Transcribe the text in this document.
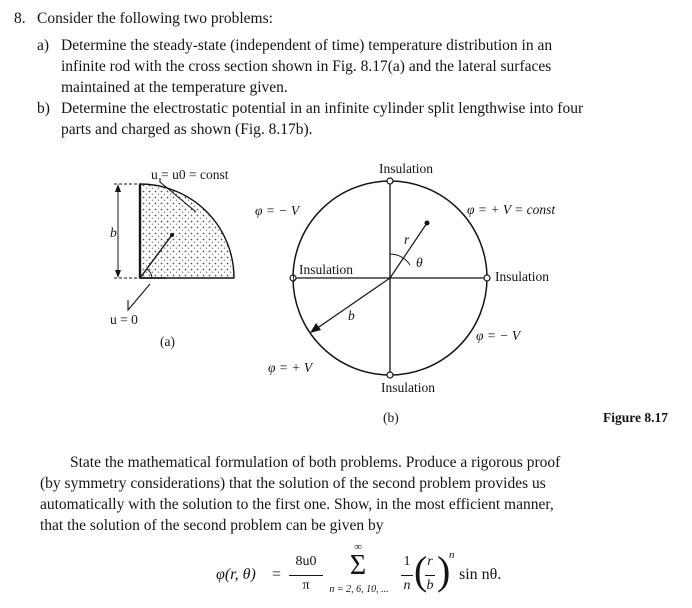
8. Consider the following two problems:
a) Determine the steady-state (independent of time) temperature distribution in an
infinite rod with the cross section shown in Fig. 8.17(a) and the lateral surfaces
maintained at the temperature given.
b) Determine the electrostatic potential in an infinite cylinder split lengthwise into four
parts and charged as shown (Fig. 8.17b).
u = u0 = const
b
u = 0
(a)
Insulation
Insulation	Insulation
Insulation
φ = − V	φ = + V = const
φ = − V
φ = + V
r
θ
b
(b)	Figure 8.17
State the mathematical formulation of both problems. Produce a rigorous proof
(by symmetry considerations) that the solution of the second problem provides us
automatically with the solution to the first one. Show, in the most efficient manner,
that the solution of the second problem can be given by
φ(r, θ) =
8u0
π
∞
Σ
n = 2, 6, 10, ...
1
n ( r
b )
n
sin nθ.
